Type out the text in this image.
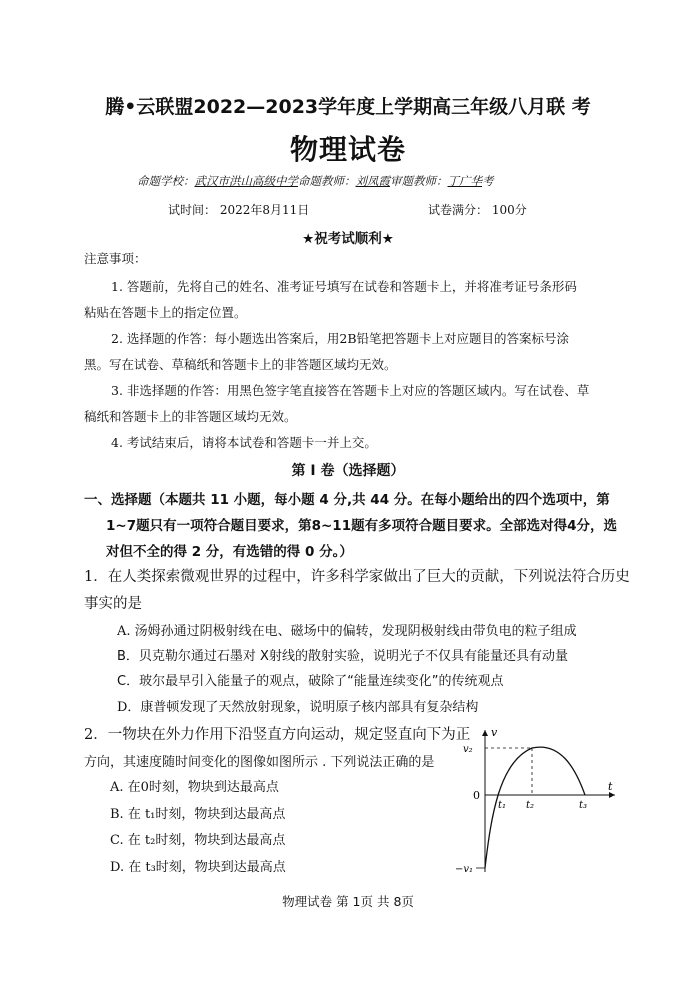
腾•云联盟2022—2023学年度上学期高三年级八月联 考
物理试卷
命题学校：武汉市洪山高级中学命题教师：刘凤霞审题教师：丁广华考
试时间： 2022年8月11日	试卷满分： 100分
★祝考试顺利★
注意事项：
1. 答题前，先将自己的姓名、准考证号填写在试卷和答题卡上，并将准考证号条形码
粘贴在答题卡上的指定位置。
2. 选择题的作答：每小题选出答案后，用2B铅笔把答题卡上对应题目的答案标号涂
黑。写在试卷、草稿纸和答题卡上的非答题区域均无效。
3. 非选择题的作答：用黑色签字笔直接答在答题卡上对应的答题区域内。写在试卷、草
稿纸和答题卡上的非答题区域均无效。
4. 考试结束后，请将本试卷和答题卡一并上交。
第 Ⅰ 卷（选择题）
一、选择题（本题共 11 小题，每小题 4 分,共 44 分。在每小题给出的四个选项中，第
1~7题只有一项符合题目要求，第8~11题有多项符合题目要求。全部选对得4分，选
对但不全的得 2 分，有选错的得 0 分。）
1．在人类探索微观世界的过程中，许多科学家做出了巨大的贡献，下列说法符合历史
事实的是
A. 汤姆孙通过阴极射线在电、磁场中的偏转，发现阴极射线由带负电的粒子组成
B．贝克勒尔通过石墨对 X射线的散射实验，说明光子不仅具有能量还具有动量
C．玻尔最早引入能量子的观点，破除了“能量连续变化”的传统观点
D．康普顿发现了天然放射现象，说明原子核内部具有复杂结构
2．一物块在外力作用下沿竖直方向运动，规定竖直向下为正
方向，其速度随时间变化的图像如图所示 . 下列说法正确的是
A. 在0时刻，物块到达最高点
B. 在 t₁时刻，物块到达最高点
C. 在 t₂时刻，物块到达最高点
D. 在 t₃时刻，物块到达最高点
v
t
v₂
0
t₁ t₂	t₃
−v₁
物理试卷 第 1页 共 8页
